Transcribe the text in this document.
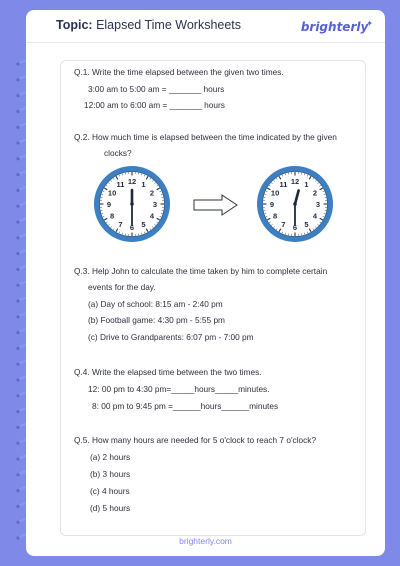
Topic: Elapsed Time Worksheets	brighterly✦
Q.1. Write the time elapsed between the given two times.
3:00 am to 5:00 am = _______ hours
12:00 am to 6:00 am = _______ hours
Q.2. How much time is elapsed between the time indicated by the given
clocks?
12 1
2
3
4
5
6
7
8
9
10
11	12 1
2
3
4
5
6
7
8
9
10
11
Q.3. Help John to calculate the time taken by him to complete certain
events for the day.
(a) Day of school: 8:15 am - 2:40 pm
(b) Football game: 4:30 pm - 5:55 pm
(c) Drive to Grandparents: 6:07 pm - 7:00 pm
Q.4. Write the elapsed time between the two times.
12: 00 pm to 4:30 pm=_____hours_____minutes.
8: 00 pm to 9:45 pm =______hours______minutes
Q.5. How many hours are needed for 5 o'clock to reach 7 o'clock?
(a) 2 hours
(b) 3 hours
(c) 4 hours
(d) 5 hours
brighterly.com
